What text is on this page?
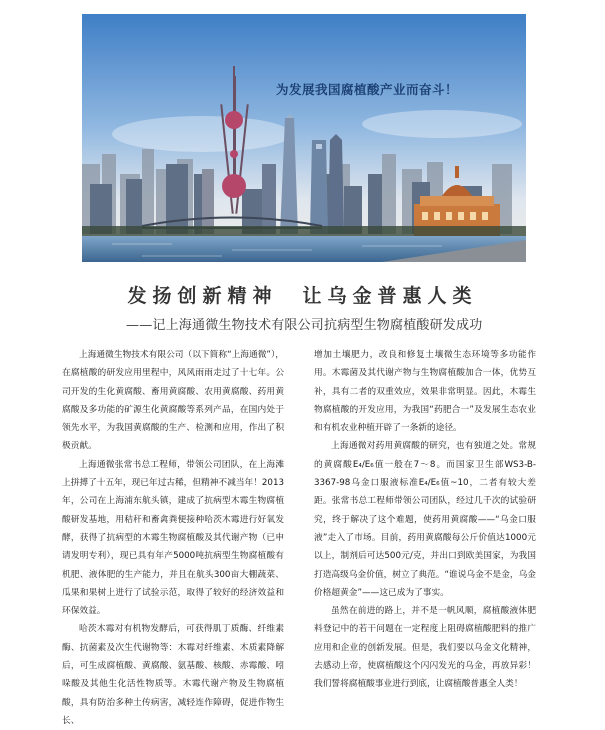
为发展我国腐植酸产业而奋斗！
发扬创新精神　让乌金普惠人类
——记上海通微生物技术有限公司抗病型生物腐植酸研发成功

上海通微生物技术有限公司（以下简称“上海通微”），在腐植酸的研发应用里程中，风风雨雨走过了十七年。公司开发的生化黄腐酸、畜用黄腐酸、农用黄腐酸、药用黄腐酸及多功能的矿源生化黄腐酸等系列产品，在国内处于领先水平，为我国黄腐酸的生产、检测和应用，作出了积极贡献。

上海通微张常书总工程师，带领公司团队，在上海滩上拼搏了十五年，现已年过古稀，但精神不减当年！2013年，公司在上海浦东航头镇，建成了抗病型木霉生物腐植酸研发基地，用秸秆和畜禽粪便接种哈茨木霉进行好氧发酵，获得了抗病型的木霉生物腐植酸及其代谢产物（已申请发明专利），现已具有年产5000吨抗病型生物腐植酸有机肥、液体肥的生产能力，并且在航头300亩大棚蔬菜、瓜果和果树上进行了试验示范，取得了较好的经济效益和环保效益。

哈茨木霉对有机物发酵后，可获得肌丁质酶、纤维素酶、抗菌素及次生代谢物等：木霉对纤维素、木质素降解后，可生成腐植酸、黄腐酸、氨基酸、核酸、赤霉酸、吲哚酸及其他生化活性物质等。木霉代谢产物及生物腐植酸，具有防治多种土传病害，减轻连作障碍，促进作物生长、

增加土壤肥力，改良和修复土壤微生态环境等多功能作用。木霉菌及其代谢产物与生物腐植酸加合一体，优势互补，具有二者的双重效应，效果非常明显。因此，木霉生物腐植酸的开发应用，为我国“药肥合一”及发展生态农业和有机农业种植开辟了一条新的途径。

上海通微对药用黄腐酸的研究，也有独道之处。常规的黄腐酸E₄/E₆值一般在7～8。而国家卫生部WS3-B-3367-98乌金口服液标准E₄/E₆值~10，二者有较大差距。张常书总工程师带领公司团队，经过几千次的试验研究，终于解决了这个难题，使药用黄腐酸——“乌金口服液”走入了市场。目前，药用黄腐酸每公斤价值达1000元以上，制剂后可达500元/克，并出口到欧美国家，为我国打造高级乌金价值，树立了典范。“谁说乌金不是金，乌金价格超黄金”——这已成为了事实。

虽然在前进的路上，并不是一帆风顺，腐植酸液体肥料登记中的若干问题在一定程度上阻碍腐植酸肥料的推广应用和企业的创新发展。但是，我们要以乌金文化精神，去感动上帝，使腐植酸这个闪闪发光的乌金，再放异彩！我们誓将腐植酸事业进行到底，让腐植酸普惠全人类！
